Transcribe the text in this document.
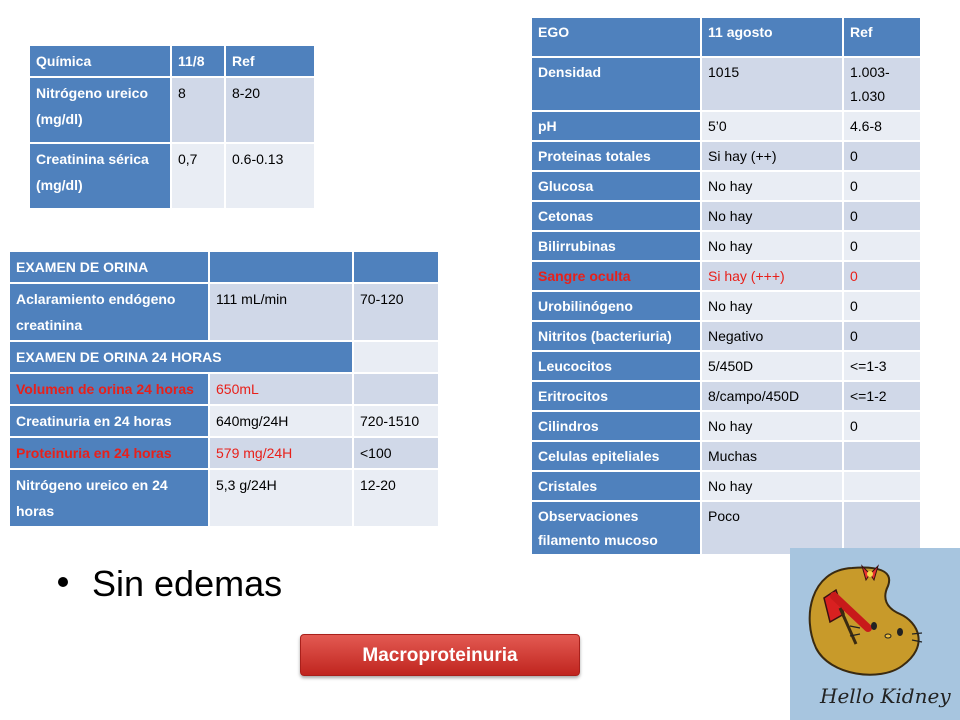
Química	11/8	Ref
Nitrógeno ureico (mg/dl)	8	8-20
Creatinina sérica (mg/dl)	0,7	0.6-0.13
EXAMEN DE ORINA		
Aclaramiento endógeno creatinina	111 mL/min	70-120
EXAMEN DE ORINA 24 HORAS		
Volumen de orina 24 horas	650mL	
Creatinuria en 24 horas	640mg/24H	720-1510
Proteinuria en 24 horas	579 mg/24H	<100
Nitrógeno ureico en 24 horas	5,3 g/24H	12-20
EGO	11 agosto	Ref
Densidad	1015	1.003-1.030
pH	5’0	4.6-8
Proteinas totales	Si hay (++)	0
Glucosa	No hay	0
Cetonas	No hay	0
Bilirrubinas	No hay	0
Sangre oculta	Si hay (+++)	0
Urobilinógeno	No hay	0
Nitritos (bacteriuria)	Negativo	0
Leucocitos	5/450D	<=1-3
Eritrocitos	8/campo/450D	<=1-2
Cilindros	No hay	0
Celulas epiteliales	Muchas	
Cristales	No hay	
Observaciones filamento mucoso	Poco	
Sin edemas
Macroproteinuria
Hello Kidney
